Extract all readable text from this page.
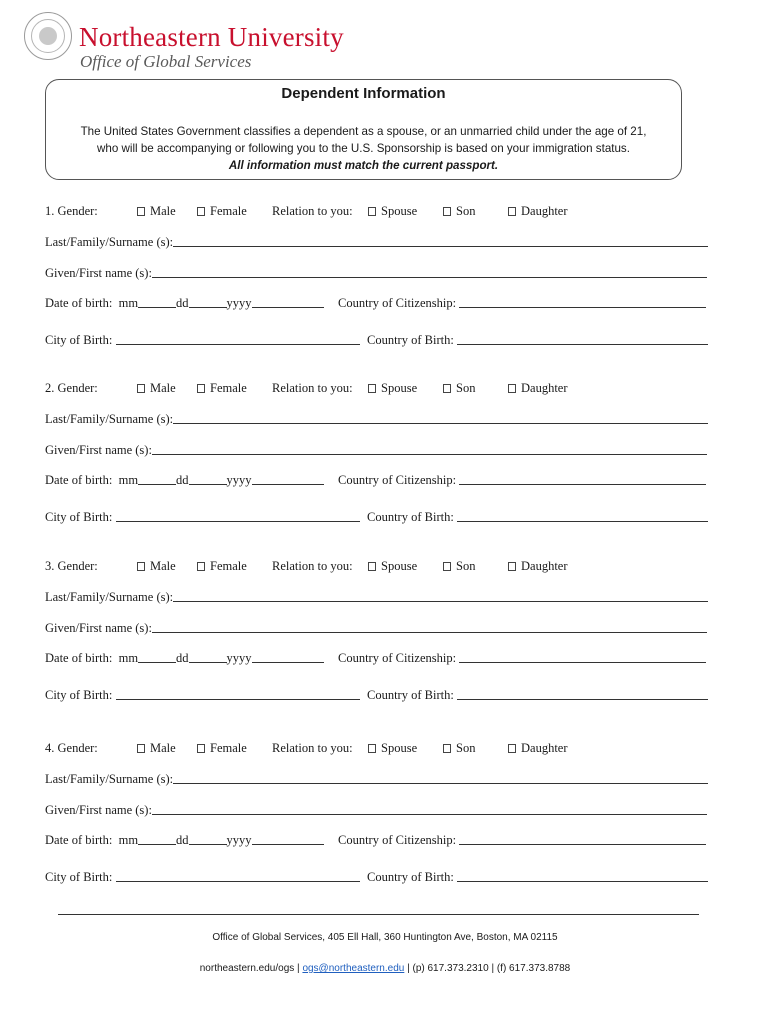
Northeastern University
Office of Global Services
Dependent Information
The United States Government classifies a dependent as a spouse, or an unmarried child under the age of 21,
who will be accompanying or following you to the U.S. Sponsorship is based on your immigration status.
All information must match the current passport.
1. Gender:	Male	Female Relation to you:	Spouse	Son	Daughter
Last/Family/Surname (s):
Given/First name (s):
Date of birth: mm	dd	yyyy	Country of Citizenship:
City of Birth:	Country of Birth:
2. Gender:	Male	Female Relation to you:	Spouse	Son	Daughter
Last/Family/Surname (s):
Given/First name (s):
Date of birth: mm	dd	yyyy	Country of Citizenship:
City of Birth:	Country of Birth:
3. Gender:	Male	Female Relation to you:	Spouse	Son	Daughter
Last/Family/Surname (s):
Given/First name (s):
Date of birth: mm	dd	yyyy	Country of Citizenship:
City of Birth:	Country of Birth:
4. Gender:	Male	Female Relation to you:	Spouse	Son	Daughter
Last/Family/Surname (s):
Given/First name (s):
Date of birth: mm	dd	yyyy	Country of Citizenship:
City of Birth:	Country of Birth:
Office of Global Services, 405 Ell Hall, 360 Huntington Ave, Boston, MA 02115
northeastern.edu/ogs | ogs@northeastern.edu | (p) 617.373.2310 | (f) 617.373.8788
